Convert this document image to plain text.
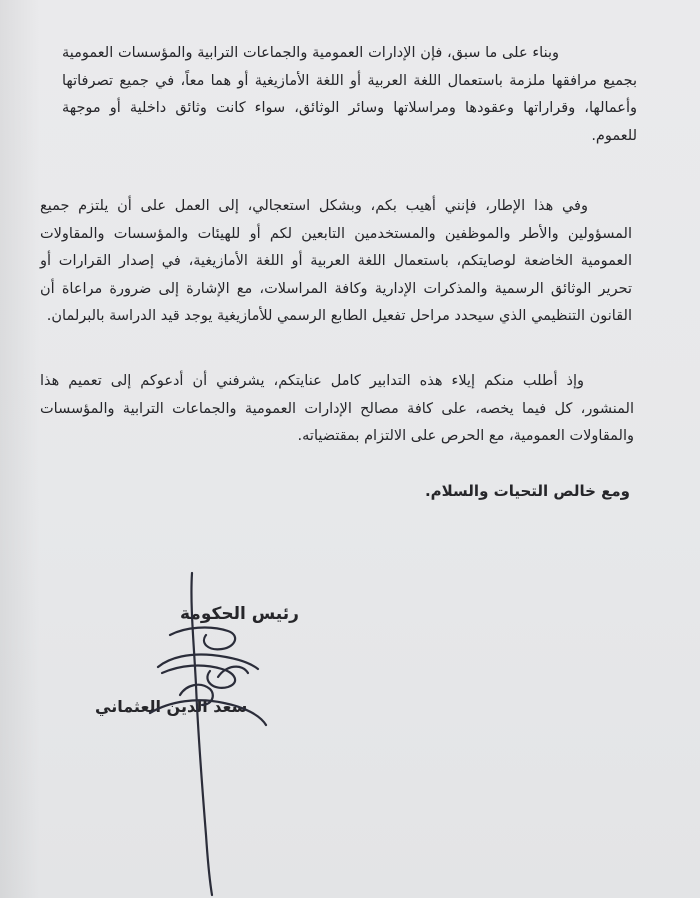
وبناء على ما سبق، فإن الإدارات العمومية والجماعات الترابية والمؤسسات العمومية بجميع مرافقها ملزمة باستعمال اللغة العربية أو اللغة الأمازيغية أو هما معاً، في جميع تصرفاتها وأعمالها، وقراراتها وعقودها ومراسلاتها وسائر الوثائق، سواء كانت وثائق داخلية أو موجهة للعموم.

وفي هذا الإطار، فإنني أهيب بكم، وبشكل استعجالي، إلى العمل على أن يلتزم جميع المسؤولين والأطر والموظفين والمستخدمين التابعين لكم أو للهيئات والمؤسسات والمقاولات العمومية الخاضعة لوصايتكم، باستعمال اللغة العربية أو اللغة الأمازيغية، في إصدار القرارات أو تحرير الوثائق الرسمية والمذكرات الإدارية وكافة المراسلات، مع الإشارة إلى ضرورة مراعاة أن القانون التنظيمي الذي سيحدد مراحل تفعيل الطابع الرسمي للأمازيغية يوجد قيد الدراسة بالبرلمان.

وإذ أطلب منكم إيلاء هذه التدابير كامل عنايتكم، يشرفني أن أدعوكم إلى تعميم هذا المنشور، كل فيما يخصه، على كافة مصالح الإدارات العمومية والجماعات الترابية والمؤسسات والمقاولات العمومية، مع الحرص على الالتزام بمقتضياته.

ومع خالص التحيات والسلام.
رئيس الحكومة
سعد الدين العثماني
